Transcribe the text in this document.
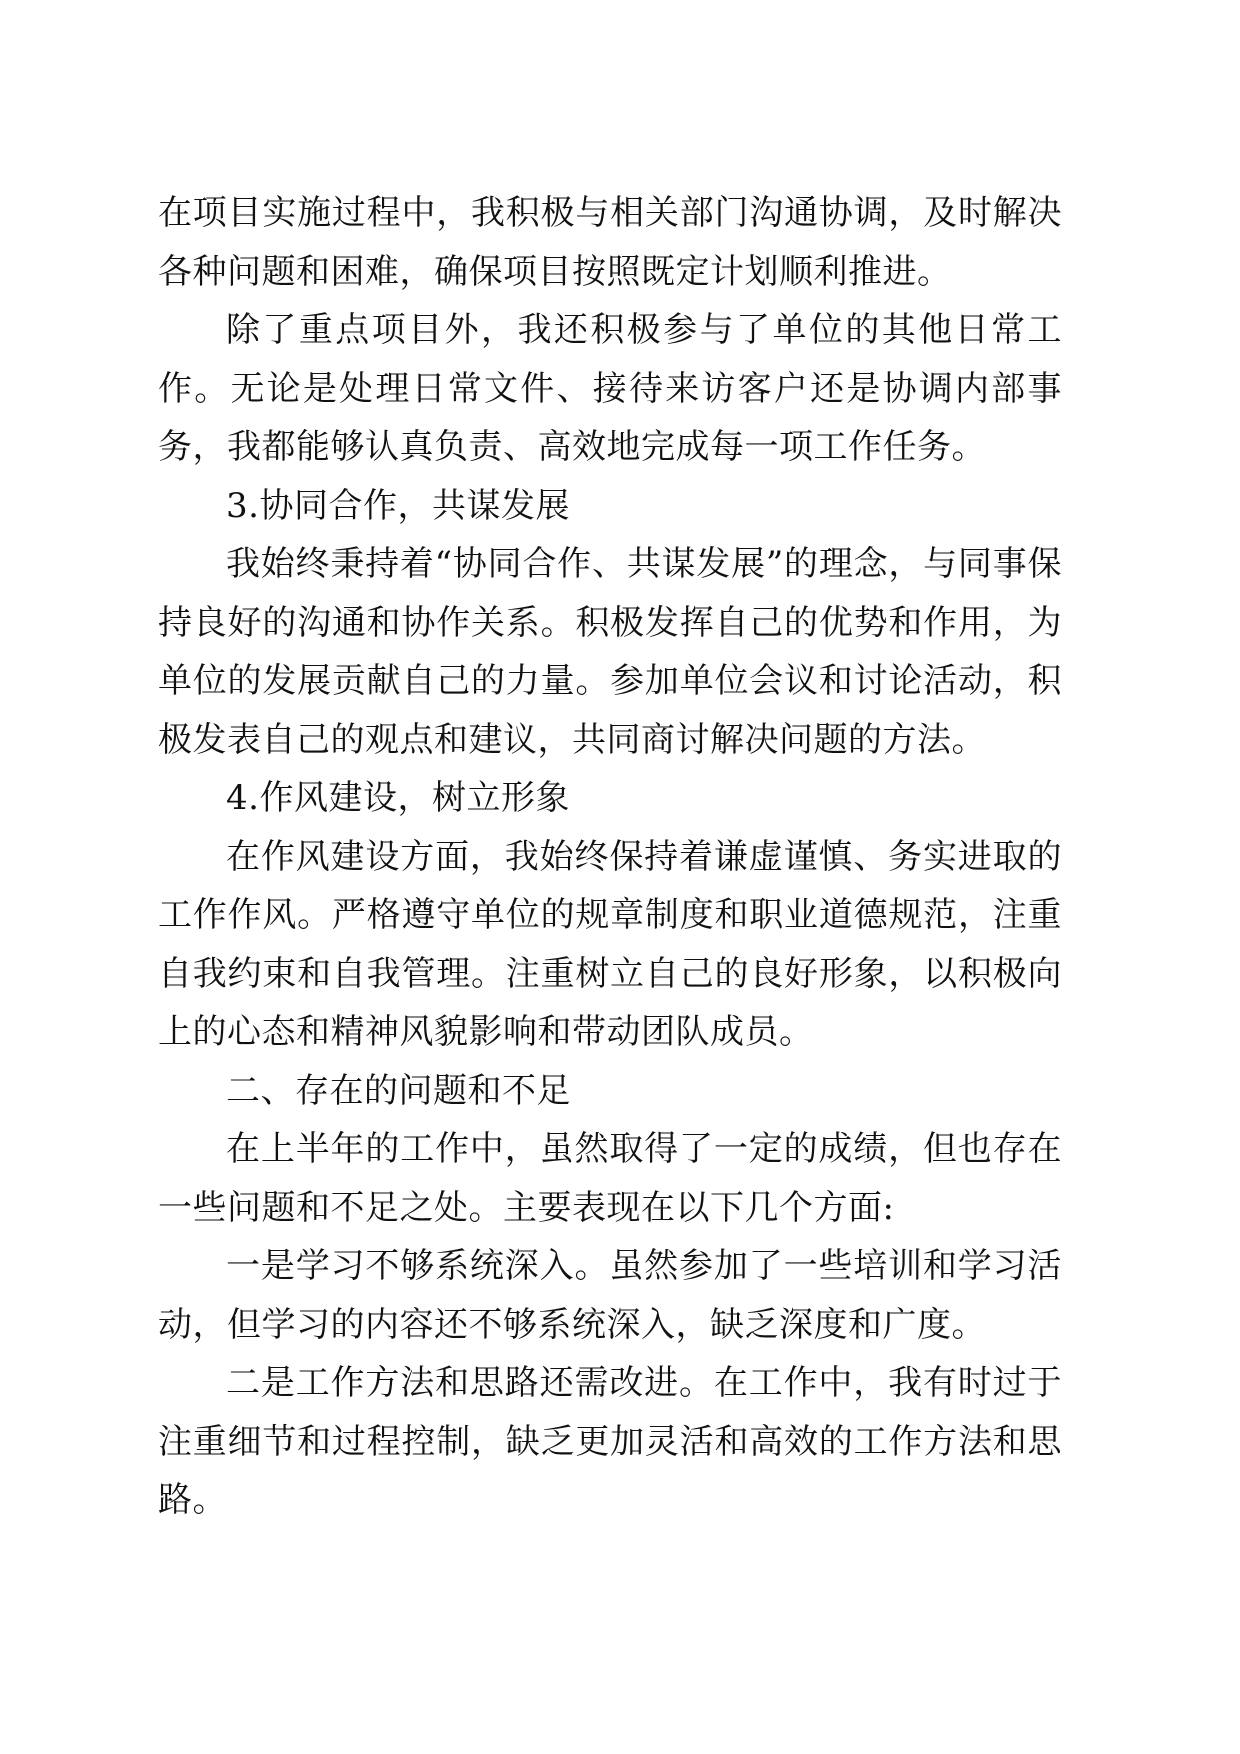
在项目实施过程中，我积极与相关部门沟通协调，及时解决各种问题和困难，确保项目按照既定计划顺利推进。

除了重点项目外，我还积极参与了单位的其他日常工作。无论是处理日常文件、接待来访客户还是协调内部事务，我都能够认真负责、高效地完成每一项工作任务。

3.协同合作，共谋发展

我始终秉持着“协同合作、共谋发展”的理念，与同事保持良好的沟通和协作关系。积极发挥自己的优势和作用，为单位的发展贡献自己的力量。参加单位会议和讨论活动，积极发表自己的观点和建议，共同商讨解决问题的方法。

4.作风建设，树立形象

在作风建设方面，我始终保持着谦虚谨慎、务实进取的工作作风。严格遵守单位的规章制度和职业道德规范，注重自我约束和自我管理。注重树立自己的良好形象，以积极向上的心态和精神风貌影响和带动团队成员。

二、存在的问题和不足

在上半年的工作中，虽然取得了一定的成绩，但也存在一些问题和不足之处。主要表现在以下几个方面:

一是学习不够系统深入。虽然参加了一些培训和学习活动，但学习的内容还不够系统深入，缺乏深度和广度。

二是工作方法和思路还需改进。在工作中，我有时过于注重细节和过程控制，缺乏更加灵活和高效的工作方法和思路。
